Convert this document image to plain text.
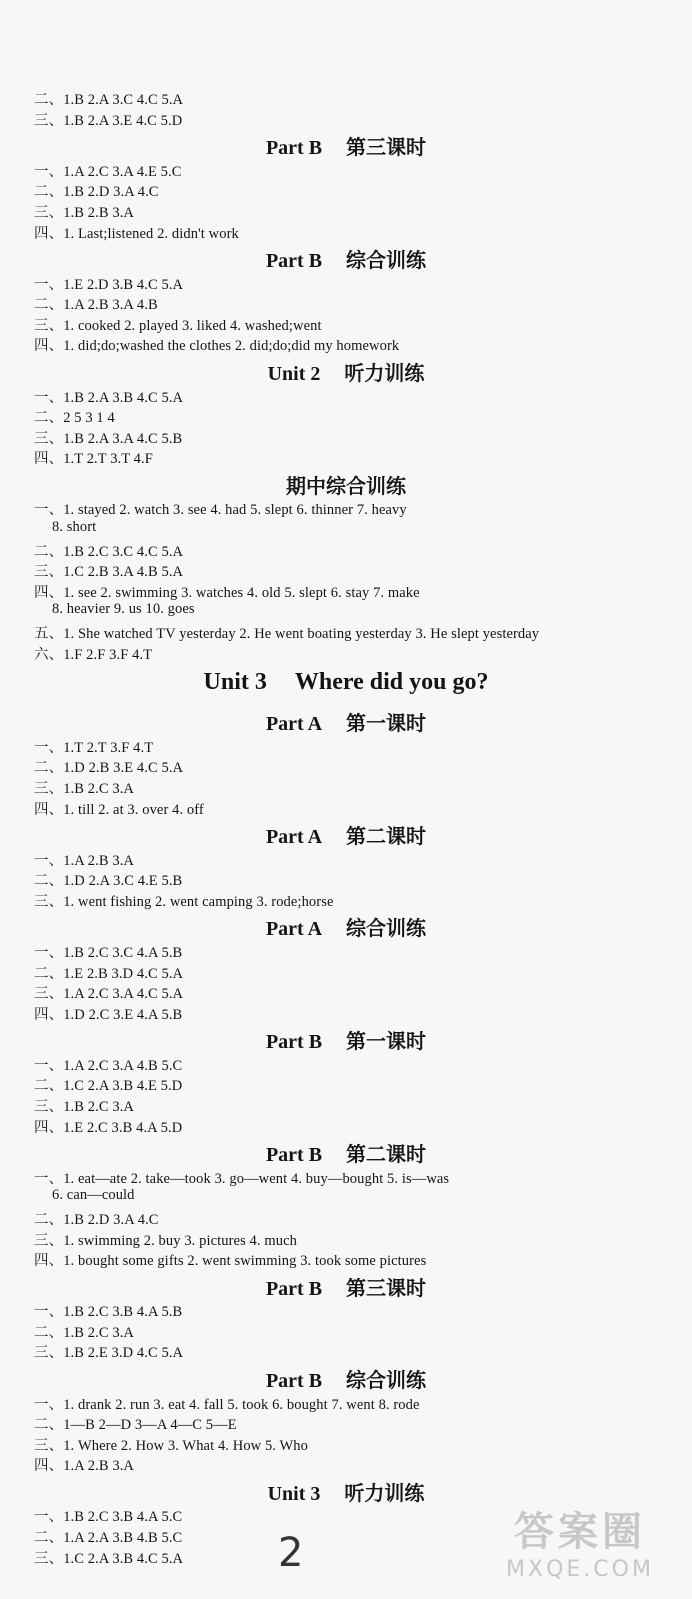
二、1.B 2.A 3.C 4.C 5.A
三、1.B 2.A 3.E 4.C 5.D
Part B 第三课时
一、1.A 2.C 3.A 4.E 5.C
二、1.B 2.D 3.A 4.C
三、1.B 2.B 3.A
四、1. Last;listened 2. didn't work
Part B 综合训练
一、1.E 2.D 3.B 4.C 5.A
二、1.A 2.B 3.A 4.B
三、1. cooked 2. played 3. liked 4. washed;went
四、1. did;do;washed the clothes 2. did;do;did my homework
Unit 2 听力训练
一、1.B 2.A 3.B 4.C 5.A
二、2 5 3 1 4
三、1.B 2.A 3.A 4.C 5.B
四、1.T 2.T 3.T 4.F
期中综合训练
一、1. stayed 2. watch 3. see 4. had 5. slept 6. thinner 7. heavy
8. short
二、1.B 2.C 3.C 4.C 5.A
三、1.C 2.B 3.A 4.B 5.A
四、1. see 2. swimming 3. watches 4. old 5. slept 6. stay 7. make
8. heavier 9. us 10. goes
五、1. She watched TV yesterday 2. He went boating yesterday 3. He slept yesterday
六、1.F 2.F 3.F 4.T
Unit 3 Where did you go?
Part A 第一课时
一、1.T 2.T 3.F 4.T
二、1.D 2.B 3.E 4.C 5.A
三、1.B 2.C 3.A
四、1. till 2. at 3. over 4. off
Part A 第二课时
一、1.A 2.B 3.A
二、1.D 2.A 3.C 4.E 5.B
三、1. went fishing 2. went camping 3. rode;horse
Part A 综合训练
一、1.B 2.C 3.C 4.A 5.B
二、1.E 2.B 3.D 4.C 5.A
三、1.A 2.C 3.A 4.C 5.A
四、1.D 2.C 3.E 4.A 5.B
Part B 第一课时
一、1.A 2.C 3.A 4.B 5.C
二、1.C 2.A 3.B 4.E 5.D
三、1.B 2.C 3.A
四、1.E 2.C 3.B 4.A 5.D
Part B 第二课时
一、1. eat—ate 2. take—took 3. go—went 4. buy—bought 5. is—was
6. can—could
二、1.B 2.D 3.A 4.C
三、1. swimming 2. buy 3. pictures 4. much
四、1. bought some gifts 2. went swimming 3. took some pictures
Part B 第三课时
一、1.B 2.C 3.B 4.A 5.B
二、1.B 2.C 3.A
三、1.B 2.E 3.D 4.C 5.A
Part B 综合训练
一、1. drank 2. run 3. eat 4. fall 5. took 6. bought 7. went 8. rode
二、1—B 2—D 3—A 4—C 5—E
三、1. Where 2. How 3. What 4. How 5. Who
四、1.A 2.B 3.A
Unit 3 听力训练
一、1.B 2.C 3.B 4.A 5.C
二、1.A 2.A 3.B 4.B 5.C
三、1.C 2.A 3.B 4.C 5.A 2	答案圈
MXQE.COM
